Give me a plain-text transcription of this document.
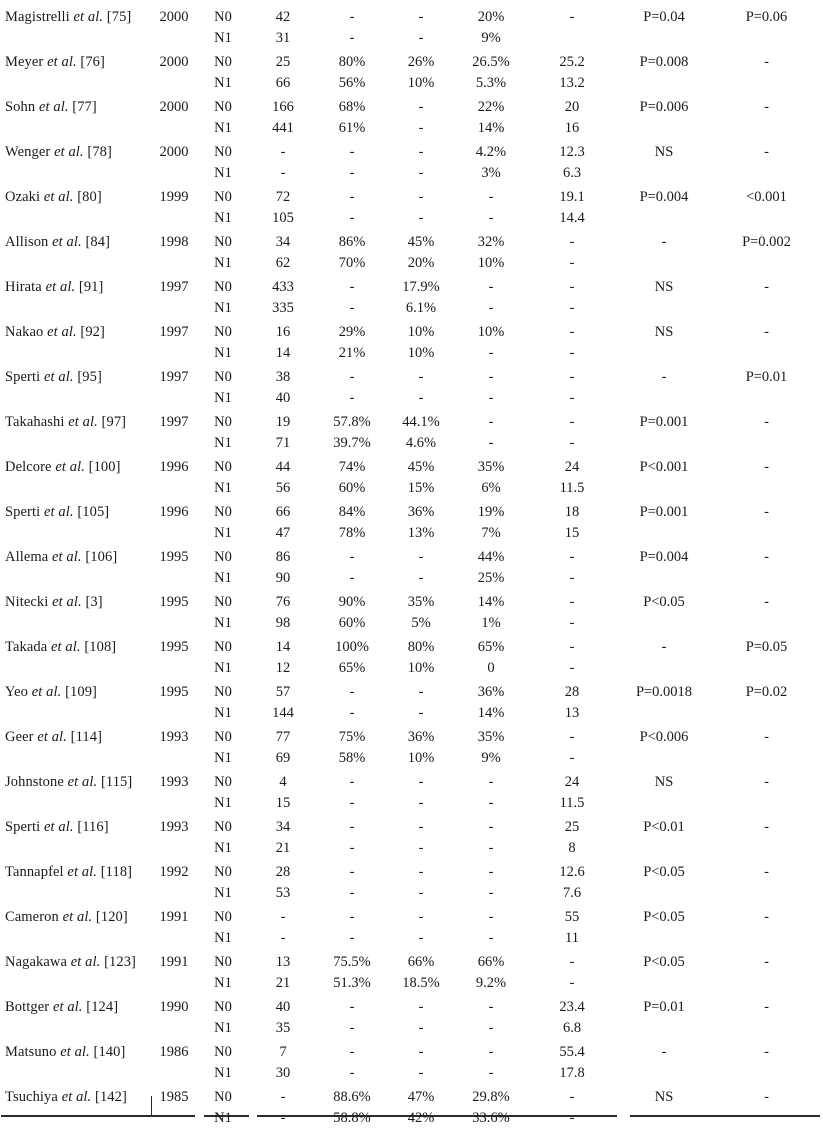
Magistrelli et al. [75]	2000	N0	42	-	-	20%	-	P=0.04	P=0.06
N1	31	-	-	9%
Meyer et al. [76]	2000	N0	25	80%	26%	26.5%	25.2	P=0.008	-
N1	66	56%	10%	5.3%	13.2
Sohn et al. [77]	2000	N0	166	68%	-	22%	20	P=0.006	-
N1	441	61%	-	14%	16
Wenger et al. [78]	2000	N0	-	-	-	4.2%	12.3	NS	-
N1	-	-	-	3%	6.3
Ozaki et al. [80]	1999	N0	72	-	-	-	19.1	P=0.004	<0.001
N1	105	-	-	-	14.4
Allison et al. [84]	1998	N0	34	86%	45%	32%	-	-	P=0.002
N1	62	70%	20%	10%	-
Hirata et al. [91]	1997	N0	433	-	17.9%	-	-	NS	-
N1	335	-	6.1%	-	-
Nakao et al. [92]	1997	N0	16	29%	10%	10%	-	NS	-
N1	14	21%	10%	-	-
Sperti et al. [95]	1997	N0	38	-	-	-	-	-	P=0.01
N1	40	-	-	-	-
Takahashi et al. [97]	1997	N0	19	57.8%	44.1%	-	-	P=0.001	-
N1	71	39.7%	4.6%	-	-
Delcore et al. [100]	1996	N0	44	74%	45%	35%	24	P<0.001	-
N1	56	60%	15%	6%	11.5
Sperti et al. [105]	1996	N0	66	84%	36%	19%	18	P=0.001	-
N1	47	78%	13%	7%	15
Allema et al. [106]	1995	N0	86	-	-	44%	-	P=0.004	-
N1	90	-	-	25%	-
Nitecki et al. [3]	1995	N0	76	90%	35%	14%	-	P<0.05	-
N1	98	60%	5%	1%	-
Takada et al. [108]	1995	N0	14	100%	80%	65%	-	-	P=0.05
N1	12	65%	10%	0	-
Yeo et al. [109]	1995	N0	57	-	-	36%	28	P=0.0018	P=0.02
N1	144	-	-	14%	13
Geer et al. [114]	1993	N0	77	75%	36%	35%	-	P<0.006	-
N1	69	58%	10%	9%	-
Johnstone et al. [115]	1993	N0	4	-	-	-	24	NS	-
N1	15	-	-	-	11.5
Sperti et al. [116]	1993	N0	34	-	-	-	25	P<0.01	-
N1	21	-	-	-	8
Tannapfel et al. [118]	1992	N0	28	-	-	-	12.6	P<0.05	-
N1	53	-	-	-	7.6
Cameron et al. [120]	1991	N0	-	-	-	-	55	P<0.05	-
N1	-	-	-	-	11
Nagakawa et al. [123]	1991	N0	13	75.5%	66%	66%	-	P<0.05	-
N1	21	51.3%	18.5%	9.2%	-
Bottger et al. [124]	1990	N0	40	-	-	-	23.4	P=0.01	-
N1	35	-	-	-	6.8
Matsuno et al. [140]	1986	N0	7	-	-	-	55.4	-	-
N1	30	-	-	-	17.8
Tsuchiya et al. [142]	1985	N0	-	88.6%	47%	29.8%	-	NS	-
N1	-	58.8%	42%	33.6%	-
